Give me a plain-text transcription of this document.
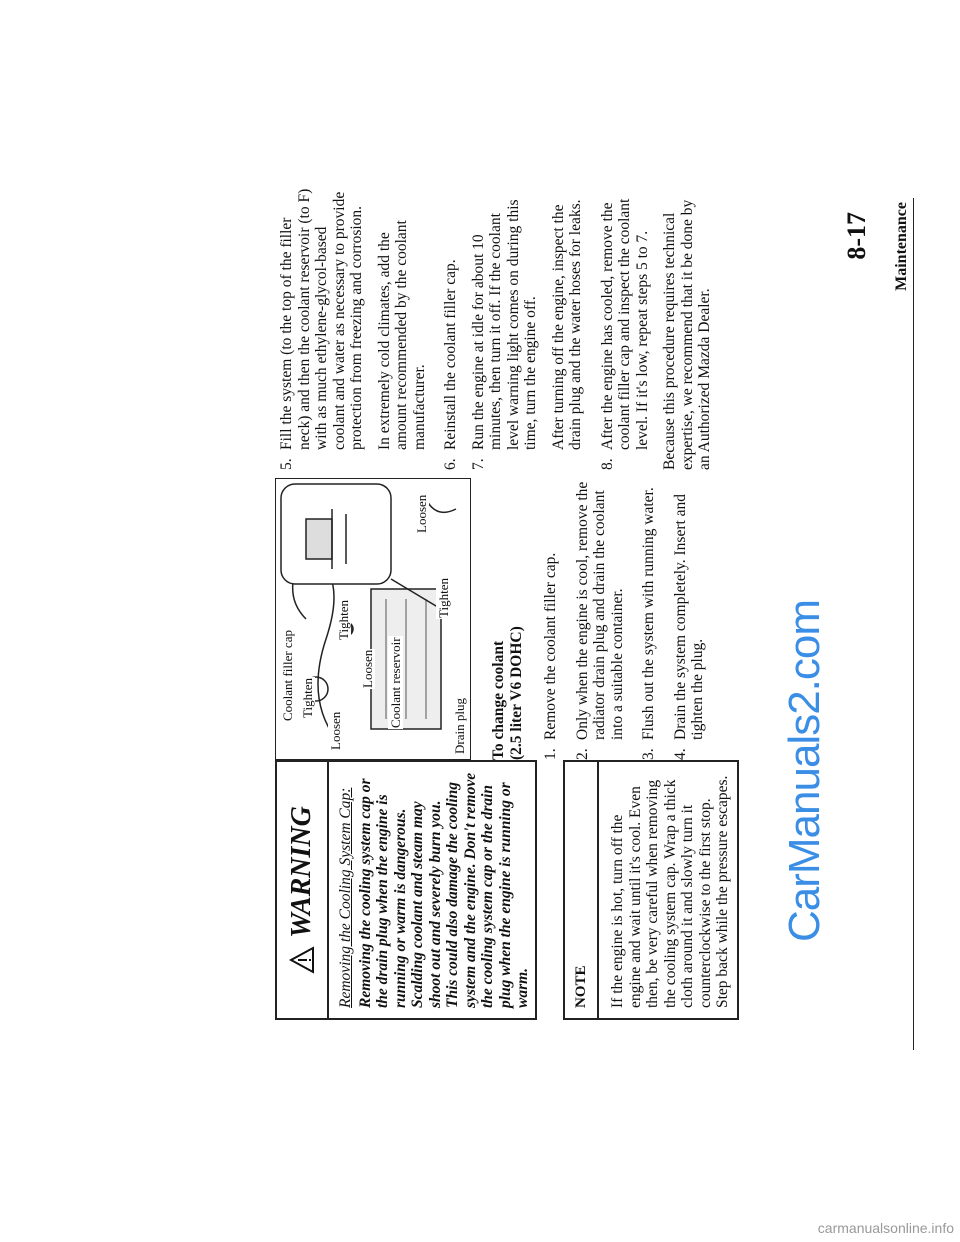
Maintenance
8-17
WARNING Removing the Cooling System Cap: Removing the cooling system cap or the drain plug when the engine is running or warm is dangerous. Scalding coolant and steam may shoot out and severely burn you. This could also damage the cooling system and the engine. Don't remove the cooling system cap or the drain plug when the engine is running or warm.	NOTE	If the engine is hot, turn off the engine and wait until it's cool. Even then, be very careful when removing the cooling system cap. Wrap a thick cloth around it and slowly turn it counterclockwise to the first stop. Step back while the pressure escapes.
Coolant filler cap Tighten
Loosen
Loosen
Tighten
Coolant reservoir	Drain plug
Tighten
Loosen
To change coolant (2.5 liter V6 DOHC) 1.
Remove the coolant filler cap.
2.
Only when the engine is cool, remove the radiator drain plug and drain the coolant into a suitable container.
3.
Flush out the system with running water.
4.
Drain the system completely. Insert and tighten the plug.
5.
Fill the system (to the top of the filler neck) and then the coolant reservoir (to F) with as much ethylene-glycol-based coolant and water as necessary to provide protection from freezing and corrosion. In extremely cold climates, add the amount recommended by the coolant manufacturer.
6.
Reinstall the coolant filler cap.
7.
Run the engine at idle for about 10 minutes, then turn it off. If the coolant level warning light comes on during this time, turn the engine off. After turning off the engine, inspect the drain plug and the water hoses for leaks.
8.
After the engine has cooled, remove the coolant filler cap and inspect the coolant level. If it's low, repeat steps 5 to 7. Because this procedure requires technical expertise, we recommend that it be done by an Authorized Mazda Dealer.
CarManuals2.com
carmanualsonline.info
